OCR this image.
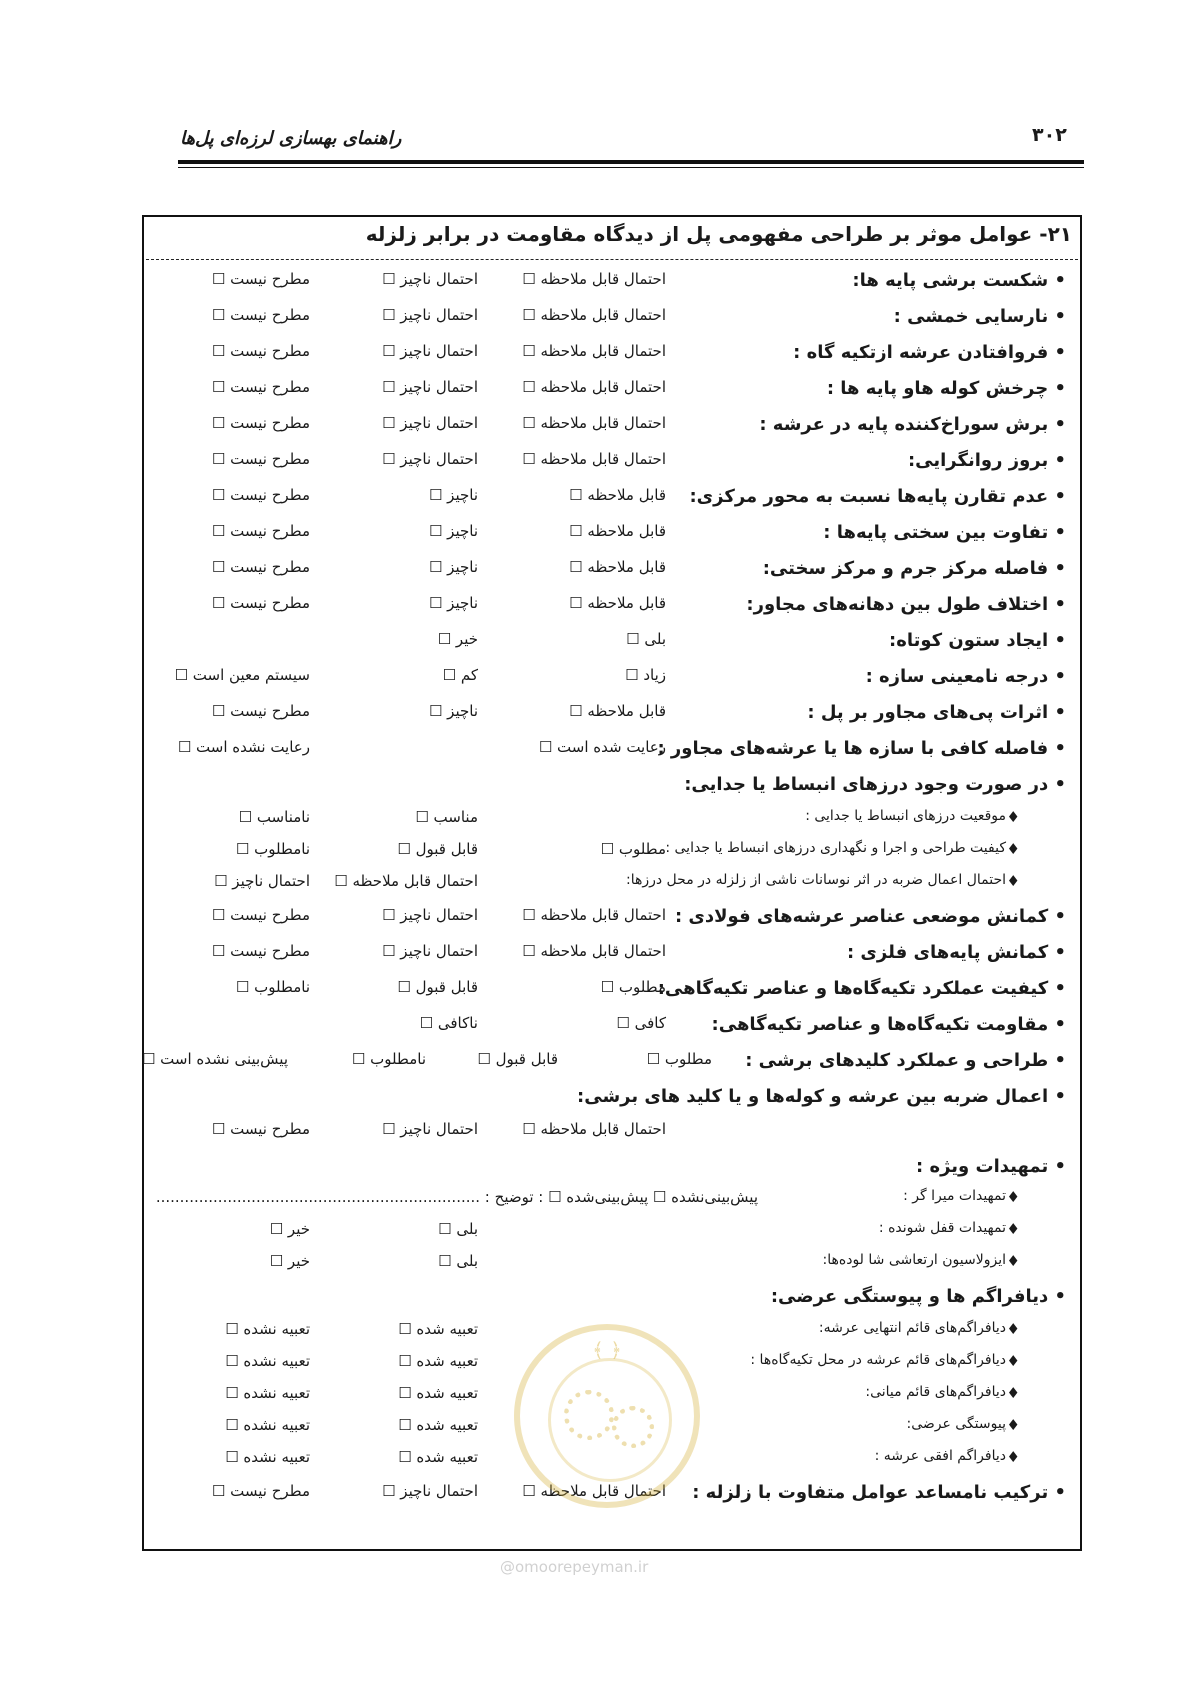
۳۰۲
راهنمای بهسازی لرزه‌ای پل‌ها
۲۱- عوامل موثر بر طراحی مفهومی پل از دیدگاه مقاومت در برابر زلزله
• شکست برشی پایه ها:
احتمال قابل ملاحظه ☐
احتمال ناچیز ☐
مطرح نیست ☐
• نارسایی خمشی :
احتمال قابل ملاحظه ☐
احتمال ناچیز ☐
مطرح نیست ☐
• فروافتادن عرشه ازتکیه گاه :
احتمال قابل ملاحظه ☐
احتمال ناچیز ☐
مطرح نیست ☐
• چرخش کوله هاو پایه ها :
احتمال قابل ملاحظه ☐
احتمال ناچیز ☐
مطرح نیست ☐
• برش سوراخ‌کننده پایه در عرشه :
احتمال قابل ملاحظه ☐
احتمال ناچیز ☐
مطرح نیست ☐
• بروز روانگرایی:
احتمال قابل ملاحظه ☐
احتمال ناچیز ☐
مطرح نیست ☐
• عدم تقارن پایه‌ها نسبت به محور مرکزی:
قابل ملاحظه ☐
ناچیز ☐
مطرح نیست ☐
• تفاوت بین سختی پایه‌ها :
قابل ملاحظه ☐
ناچیز ☐
مطرح نیست ☐
• فاصله مرکز جرم و مرکز سختی:
قابل ملاحظه ☐
ناچیز ☐
مطرح نیست ☐
• اختلاف طول بین دهانه‌های مجاور:
قابل ملاحظه ☐
ناچیز ☐
مطرح نیست ☐
• ایجاد ستون کوتاه:
بلی ☐
خیر ☐
• درجه نامعینی سازه :
زیاد ☐
کم ☐
سیستم معین است ☐
• اثرات پی‌های مجاور بر پل :
قابل ملاحظه ☐
ناچیز ☐
مطرح نیست ☐
• فاصله کافی با سازه ها یا عرشه‌های مجاور :
رعایت شده است ☐
رعایت نشده است ☐
• در صورت وجود درزهای انبساط یا جدایی:
♦
موقعیت درزهای انبساط یا جدایی :
مناسب ☐
نامناسب ☐
♦
کیفیت طراحی و اجرا و نگهداری درزهای انبساط یا جدایی :
مطلوب ☐
قابل قبول ☐
نامطلوب ☐
♦
احتمال اعمال ضربه در اثر نوسانات ناشی از زلزله در محل درزها:
احتمال قابل ملاحظه ☐
احتمال ناچیز ☐
• کمانش موضعی عناصر عرشه‌های فولادی :
احتمال قابل ملاحظه ☐
احتمال ناچیز ☐
مطرح نیست ☐
• کمانش پایه‌های فلزی :
احتمال قابل ملاحظه ☐
احتمال ناچیز ☐
مطرح نیست ☐
• کیفیت عملکرد تکیه‌گاه‌ها و عناصر تکیه‌گاهی:
مطلوب ☐
قابل قبول ☐
نامطلوب ☐
• مقاومت تکیه‌گاه‌ها و عناصر تکیه‌گاهی:
کافی ☐
ناکافی ☐
• طراحی و عملکرد کلیدهای برشی :
مطلوب ☐
قابل قبول ☐
نامطلوب ☐
پیش‌بینی نشده است ☐
• اعمال ضربه بین عرشه و کوله‌ها و یا کلید های برشی:
احتمال قابل ملاحظه ☐
احتمال ناچیز ☐
مطرح نیست ☐
• تمهیدات ویژه :
♦
تمهیدات میرا گر :
پیش‌بینی‌نشده ☐ پیش‌بینی‌شده ☐ : توضیح : ....................................................................
♦
تمهیدات قفل شونده :
بلی ☐
خیر ☐
♦
ایزولاسیون ارتعاشی شا لوده‌ها:
بلی ☐
خیر ☐
• دیافراگم ها و پیوستگی عرضی:
♦
دیافراگم‌های قائم انتهایی عرشه:
تعبیه شده ☐
تعبیه نشده ☐
♦
دیافراگم‌های قائم عرشه در محل تکیه‌گاه‌ها :
تعبیه شده ☐
تعبیه نشده ☐
♦
دیافراگم‌های قائم میانی:
تعبیه شده ☐
تعبیه نشده ☐
♦
پیوستگی عرضی:
تعبیه شده ☐
تعبیه نشده ☐
♦
دیافراگم افقی عرشه :
تعبیه شده ☐
تعبیه نشده ☐
• ترکیب نامساعد عوامل متفاوت با زلزله :
احتمال قابل ملاحظه ☐
احتمال ناچیز ☐
مطرح نیست ☐
﴾ ﴿
@omoorepeyman.ir
